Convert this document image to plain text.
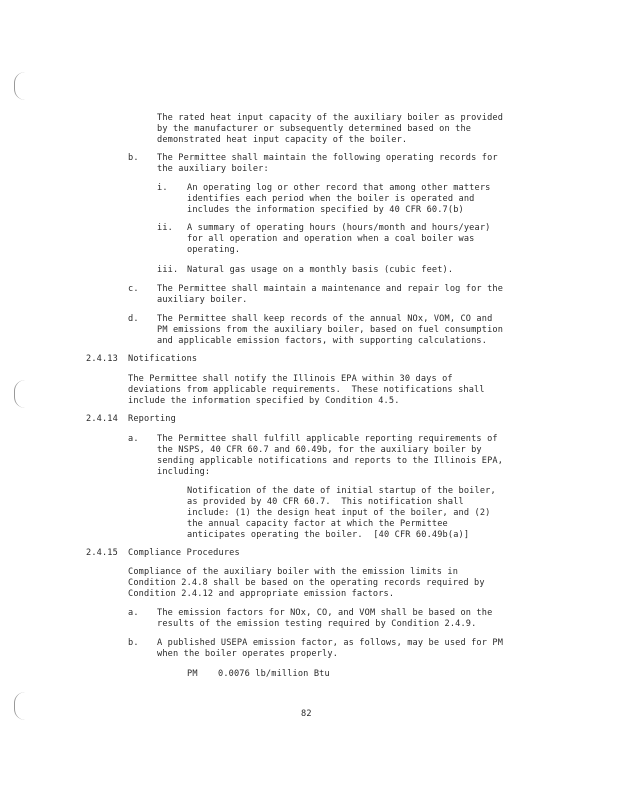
The rated heat input capacity of the auxiliary boiler as provided
by the manufacturer or subsequently determined based on the
demonstrated heat input capacity of the boiler.
b. The Permittee shall maintain the following operating records for
the auxiliary boiler:
i. An operating log or other record that among other matters
identifies each period when the boiler is operated and
includes the information specified by 40 CFR 60.7(b)
ii. A summary of operating hours (hours/month and hours/year)
for all operation and operation when a coal boiler was
operating.
iii. Natural gas usage on a monthly basis (cubic feet).
c. The Permittee shall maintain a maintenance and repair log for the
auxiliary boiler.
d. The Permittee shall keep records of the annual NOx, VOM, CO and
PM emissions from the auxiliary boiler, based on fuel consumption
and applicable emission factors, with supporting calculations.
2.4.13 Notifications
The Permittee shall notify the Illinois EPA within 30 days of
deviations from applicable requirements.  These notifications shall
include the information specified by Condition 4.5.
2.4.14 Reporting
a. The Permittee shall fulfill applicable reporting requirements of
the NSPS, 40 CFR 60.7 and 60.49b, for the auxiliary boiler by
sending applicable notifications and reports to the Illinois EPA,
including:
Notification of the date of initial startup of the boiler,
as provided by 40 CFR 60.7.  This notification shall
include: (1) the design heat input of the boiler, and (2)
the annual capacity factor at which the Permittee
anticipates operating the boiler.  [40 CFR 60.49b(a)]
2.4.15 Compliance Procedures
Compliance of the auxiliary boiler with the emission limits in
Condition 2.4.8 shall be based on the operating records required by
Condition 2.4.12 and appropriate emission factors.
a. The emission factors for NOx, CO, and VOM shall be based on the
results of the emission testing required by Condition 2.4.9.
b. A published USEPA emission factor, as follows, may be used for PM
when the boiler operates properly.
PM 0.0076 lb/million Btu
82
